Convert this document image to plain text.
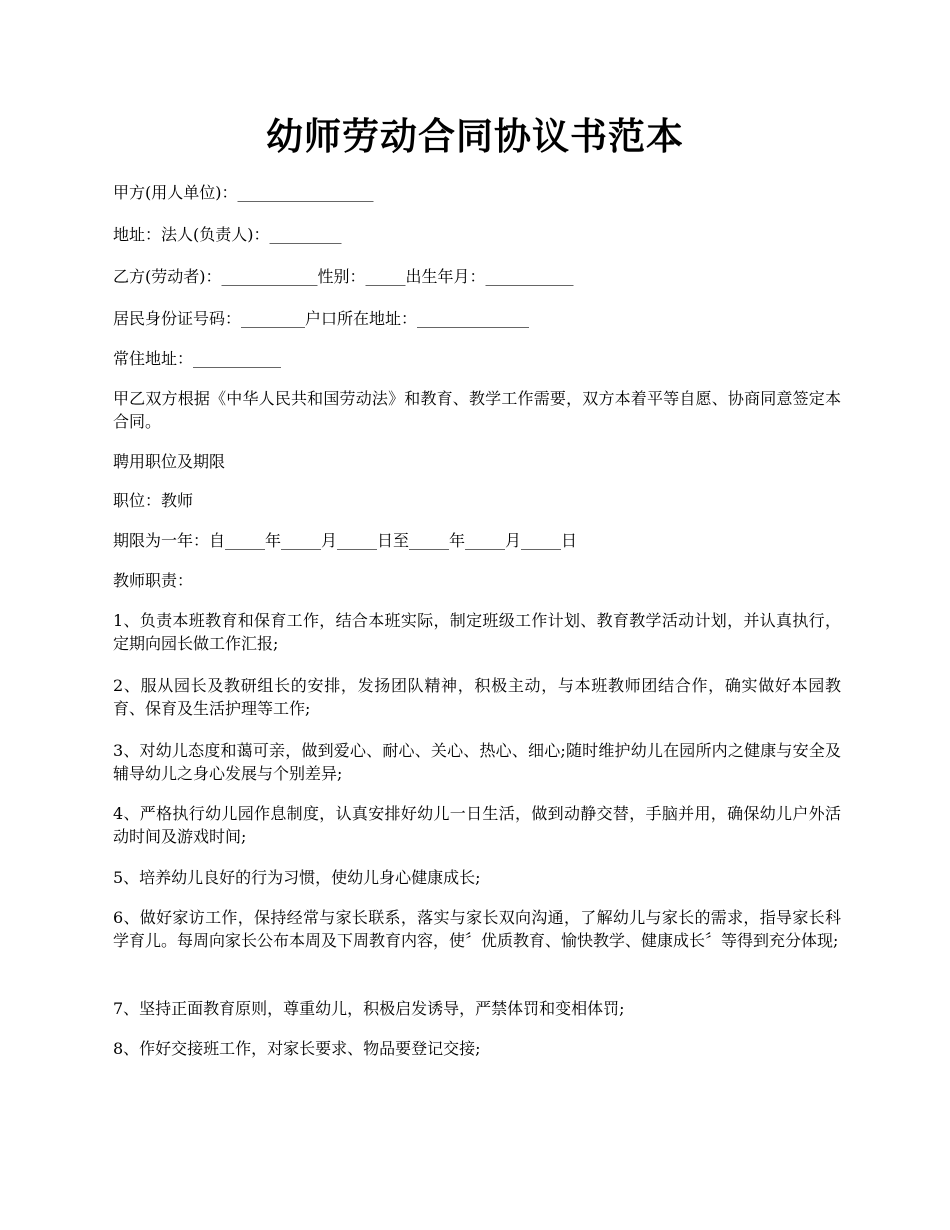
幼师劳动合同协议书范本
甲方(用人单位)：_________________
地址：法人(负责人)：_________
乙方(劳动者)：____________性别：_____出生年月：___________
居民身份证号码：________户口所在地址：______________
常住地址：___________
甲乙双方根据《中华人民共和国劳动法》和教育、教学工作需要，双方本着平等自愿、协商同意签定本合同。
聘用职位及期限
职位：教师
期限为一年：自_____年_____月_____日至_____年_____月_____日
教师职责：
1、负责本班教育和保育工作，结合本班实际，制定班级工作计划、教育教学活动计划，并认真执行，定期向园长做工作汇报;
2、服从园长及教研组长的安排，发扬团队精神，积极主动，与本班教师团结合作，确实做好本园教育、保育及生活护理等工作;
3、对幼儿态度和蔼可亲，做到爱心、耐心、关心、热心、细心;随时维护幼儿在园所内之健康与安全及辅导幼儿之身心发展与个别差异;
4、严格执行幼儿园作息制度，认真安排好幼儿一日生活，做到动静交替，手脑并用，确保幼儿户外活动时间及游戏时间;
5、培养幼儿良好的行为习惯，使幼儿身心健康成长;
6、做好家访工作，保持经常与家长联系，落实与家长双向沟通，了解幼儿与家长的需求，指导家长科学育儿。每周向家长公布本周及下周教育内容，使〞优质教育、愉快教学、健康成长〞等得到充分体现;
7、坚持正面教育原则，尊重幼儿，积极启发诱导，严禁体罚和变相体罚;
8、作好交接班工作，对家长要求、物品要登记交接;
